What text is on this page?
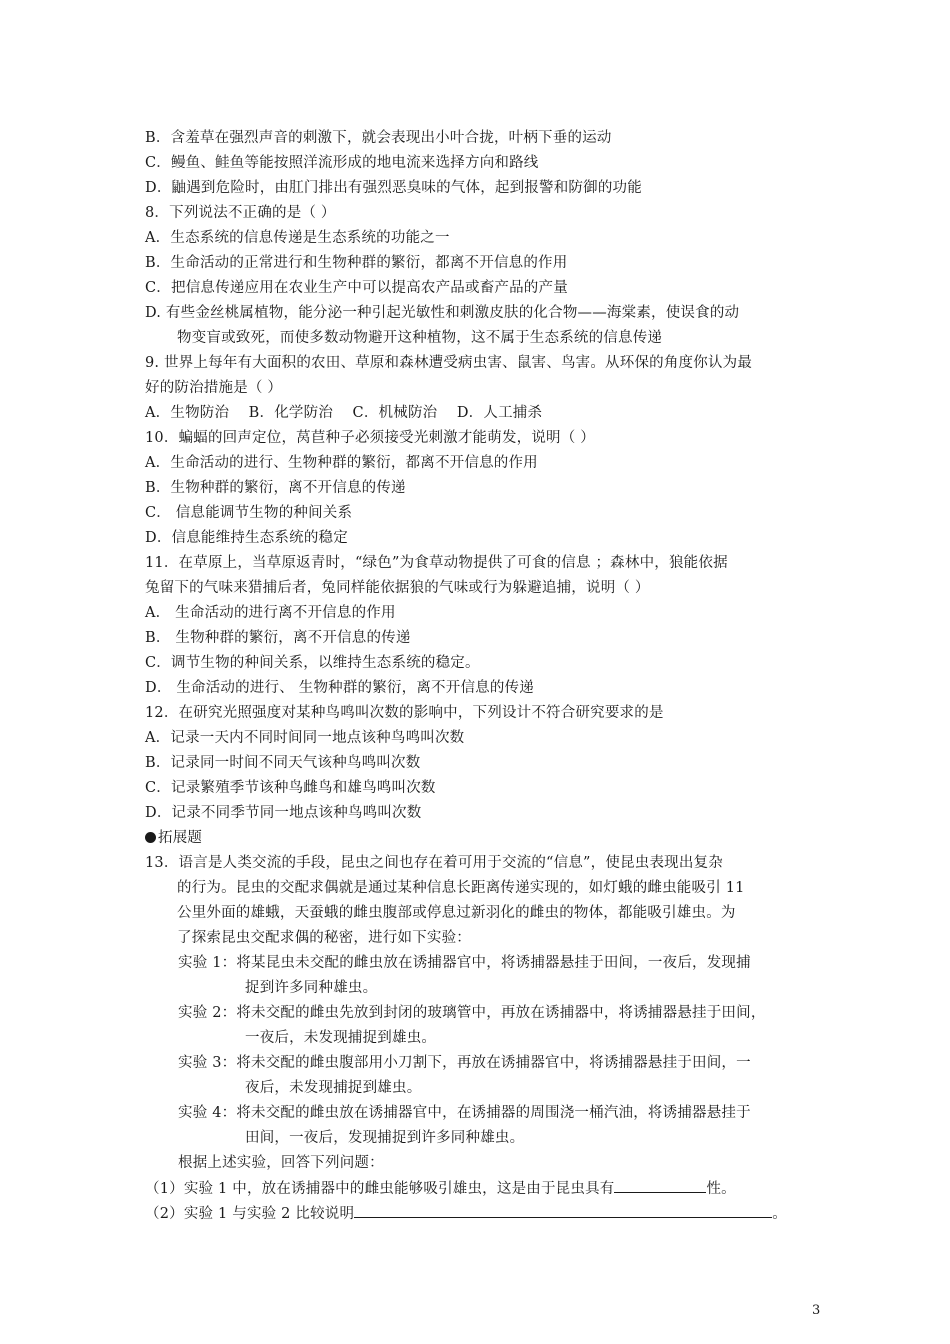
B．含羞草在强烈声音的刺激下，就会表现出小叶合拢，叶柄下垂的运动
C．鳗鱼、鲑鱼等能按照洋流形成的地电流来选择方向和路线
D．鼬遇到危险时，由肛门排出有强烈恶臭味的气体，起到报警和防御的功能
8．下列说法不正确的是（ ）
A．生态系统的信息传递是生态系统的功能之一
B．生命活动的正常进行和生物种群的繁衍，都离不开信息的作用
C．把信息传递应用在农业生产中可以提高农产品或畜产品的产量
D. 有些金丝桃属植物，能分泌一种引起光敏性和刺激皮肤的化合物——海棠素，使误食的动
物变盲或致死，而使多数动物避开这种植物，这不属于生态系统的信息传递
9. 世界上每年有大面积的农田、草原和森林遭受病虫害、鼠害、鸟害。从环保的角度你认为最
好的防治措施是（ ）
A．生物防治　 B．化学防治　 C．机械防治　 D．人工捕杀
10．蝙蝠的回声定位，莴苣种子必须接受光刺激才能萌发，说明（ ）
A．生命活动的进行、生物种群的繁衍，都离不开信息的作用
B．生物种群的繁衍，离不开信息的传递
C． 信息能调节生物的种间关系
D．信息能维持生态系统的稳定
11．在草原上，当草原返青时，“绿色”为食草动物提供了可食的信息 ；森林中，狼能依据
兔留下的气味来猎捕后者，兔同样能依据狼的气味或行为躲避追捕，说明（ ）
A． 生命活动的进行离不开信息的作用
B． 生物种群的繁衍，离不开信息的传递
C．调节生物的种间关系，以维持生态系统的稳定。
D． 生命活动的进行、 生物种群的繁衍，离不开信息的传递
12．在研究光照强度对某种鸟鸣叫次数的影响中，下列设计不符合研究要求的是
A．记录一天内不同时间同一地点该种鸟鸣叫次数
B．记录同一时间不同天气该种鸟鸣叫次数
C．记录繁殖季节该种鸟雌鸟和雄鸟鸣叫次数
D．记录不同季节同一地点该种鸟鸣叫次数
拓展题
13．语言是人类交流的手段，昆虫之间也存在着可用于交流的“信息”，使昆虫表现出复杂
的行为。昆虫的交配求偶就是通过某种信息长距离传递实现的，如灯蛾的雌虫能吸引 11
公里外面的雄蛾，天蚕蛾的雌虫腹部或停息过新羽化的雌虫的物体，都能吸引雄虫。为
了探索昆虫交配求偶的秘密，进行如下实验：
实验 1：将某昆虫未交配的雌虫放在诱捕器官中，将诱捕器悬挂于田间，一夜后，发现捕
捉到许多同种雄虫。
实验 2：将未交配的雌虫先放到封闭的玻璃管中，再放在诱捕器中，将诱捕器悬挂于田间，
一夜后，未发现捕捉到雄虫。
实验 3：将未交配的雌虫腹部用小刀割下，再放在诱捕器官中，将诱捕器悬挂于田间，一
夜后，未发现捕捉到雄虫。
实验 4：将未交配的雌虫放在诱捕器官中，在诱捕器的周围浇一桶汽油，将诱捕器悬挂于
田间，一夜后，发现捕捉到许多同种雄虫。
根据上述实验，回答下列问题：
（1）实验 1 中，放在诱捕器中的雌虫能够吸引雄虫，这是由于昆虫具有	性。
（2）实验 1 与实验 2 比较说明	。
3
